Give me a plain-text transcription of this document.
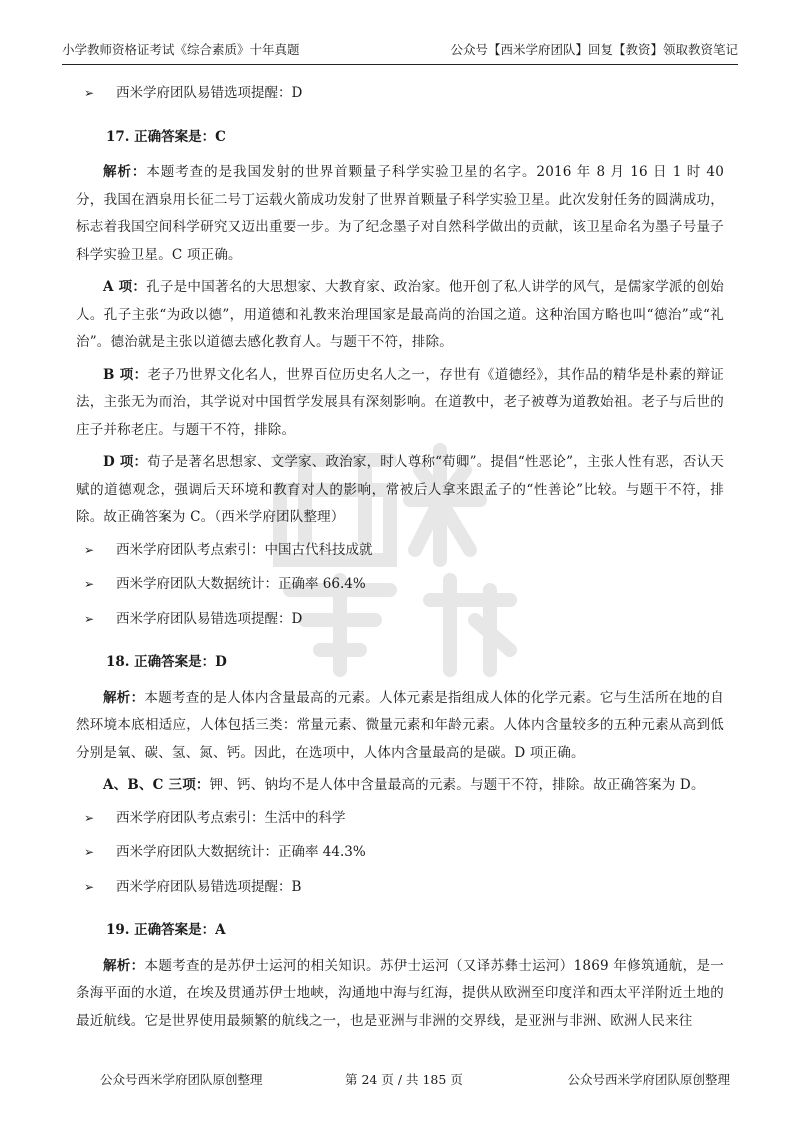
小学教师资格证考试《综合素质》十年真题	公众号【西米学府团队】回复【教资】领取教资笔记
➢ 西米学府团队易错选项提醒：D
17. 正确答案是：C

解析：本题考查的是我国发射的世界首颗量子科学实验卫星的名字。2016 年 8 月 16 日 1 时 40 分，我国在酒泉用长征二号丁运载火箭成功发射了世界首颗量子科学实验卫星。此次发射任务的圆满成功，标志着我国空间科学研究又迈出重要一步。为了纪念墨子对自然科学做出的贡献，该卫星命名为墨子号量子科学实验卫星。C 项正确。

A 项：孔子是中国著名的大思想家、大教育家、政治家。他开创了私人讲学的风气，是儒家学派的创始人。孔子主张“为政以德”，用道德和礼教来治理国家是最高尚的治国之道。这种治国方略也叫“德治”或“礼治”。德治就是主张以道德去感化教育人。与题干不符，排除。

B 项：老子乃世界文化名人，世界百位历史名人之一，存世有《道德经》，其作品的精华是朴素的辩证法，主张无为而治，其学说对中国哲学发展具有深刻影响。在道教中，老子被尊为道教始祖。老子与后世的庄子并称老庄。与题干不符，排除。

D 项：荀子是著名思想家、文学家、政治家，时人尊称“荀卿”。提倡“性恶论”，主张人性有恶，否认天赋的道德观念，强调后天环境和教育对人的影响，常被后人拿来跟孟子的“性善论”比较。与题干不符，排除。故正确答案为 C。（西米学府团队整理）

➢ 西米学府团队考点索引：中国古代科技成就
➢ 西米学府团队大数据统计：正确率 66.4%
➢ 西米学府团队易错选项提醒：D
18. 正确答案是：D

解析：本题考查的是人体内含量最高的元素。人体元素是指组成人体的化学元素。它与生活所在地的自然环境本底相适应，人体包括三类：常量元素、微量元素和年龄元素。人体内含量较多的五种元素从高到低分别是氧、碳、氢、氮、钙。因此，在选项中，人体内含量最高的是碳。D 项正确。

A、B、C 三项：钾、钙、钠均不是人体中含量最高的元素。与题干不符，排除。故正确答案为 D。

➢ 西米学府团队考点索引：生活中的科学
➢ 西米学府团队大数据统计：正确率 44.3%
➢ 西米学府团队易错选项提醒：B
19. 正确答案是：A

解析：本题考查的是苏伊士运河的相关知识。苏伊士运河（又译苏彝士运河）1869 年修筑通航，是一条海平面的水道，在埃及贯通苏伊士地峡，沟通地中海与红海，提供从欧洲至印度洋和西太平洋附近土地的最近航线。它是世界使用最频繁的航线之一，也是亚洲与非洲的交界线，是亚洲与非洲、欧洲人民来往

公众号西米学府团队原创整理	第 24 页 / 共 185 页	公众号西米学府团队原创整理
